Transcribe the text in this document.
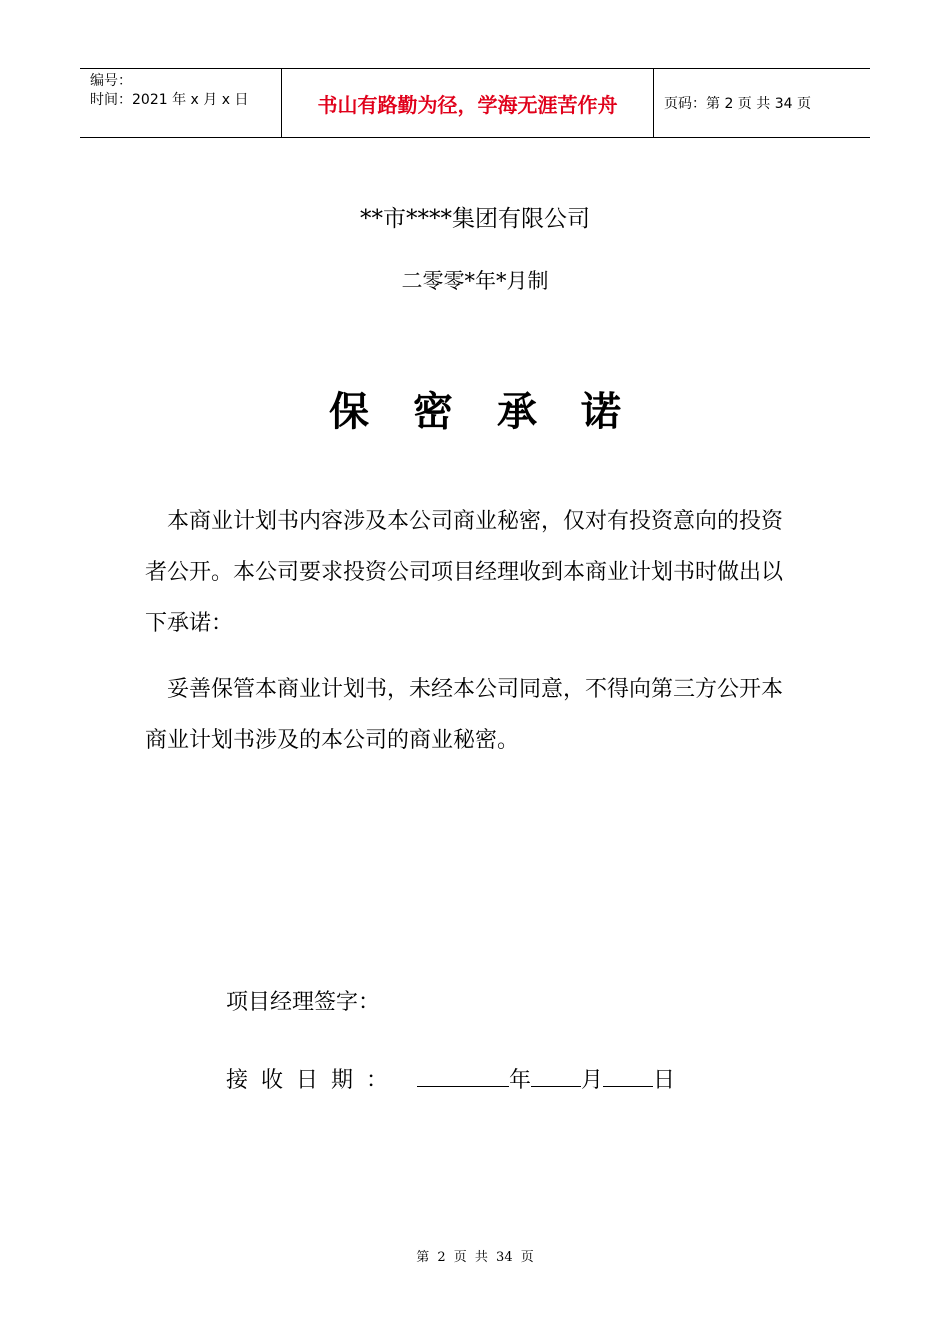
编号：
时间：2021 年 x 月 x 日	书山有路勤为径，学海无涯苦作舟	页码：第 2 页 共 34 页
**市****集团有限公司
二零零*年*月制
保密承诺

本商业计划书内容涉及本公司商业秘密，仅对有投资意向的投资者公开。本公司要求投资公司项目经理收到本商业计划书时做出以下承诺：

妥善保管本商业计划书，未经本公司同意，不得向第三方公开本商业计划书涉及的本公司的商业秘密。

项目经理签字：
接收日期：	年 月 日
第 2 页 共 34 页
